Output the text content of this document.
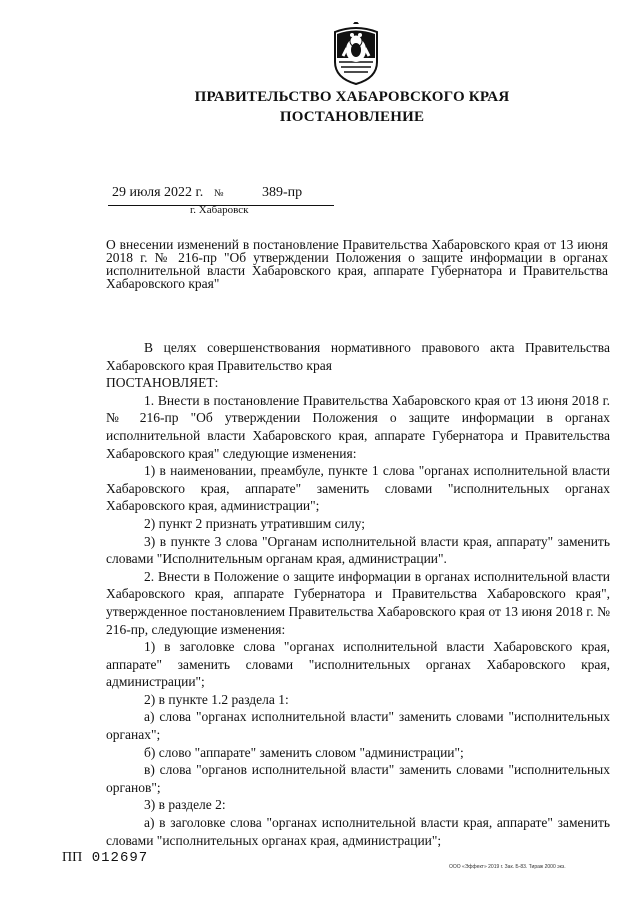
ПРАВИТЕЛЬСТВО ХАБАРОВСКОГО КРАЯ
ПОСТАНОВЛЕНИЕ
29 июля 2022 г. №	389-пр
г. Хабаровск
О внесении изменений в постановление Правительства Хабаровского края от 13 июня 2018 г. № 216-пр "Об утверждении Положения о защите информации в органах исполнительной власти Хабаровского края, аппарате Губернатора и Правительства Хабаровского края"

В целях совершенствования нормативного правового акта Правительства Хабаровского края Правительство края

ПОСТАНОВЛЯЕТ:

1. Внести в постановление Правительства Хабаровского края от 13 июня 2018 г. № 216-пр "Об утверждении Положения о защите информации в органах исполнительной власти Хабаровского края, аппарате Губернатора и Правительства Хабаровского края" следующие изменения:

1) в наименовании, преамбуле, пункте 1 слова "органах исполнительной власти Хабаровского края, аппарате" заменить словами "исполнительных органах Хабаровского края, администрации";

2) пункт 2 признать утратившим силу;

3) в пункте 3 слова "Органам исполнительной власти края, аппарату" заменить словами "Исполнительным органам края, администрации".

2. Внести в Положение о защите информации в органах исполнительной власти Хабаровского края, аппарате Губернатора и Правительства Хабаровского края", утвержденное постановлением Правительства Хабаровского края от 13 июня 2018 г. № 216-пр, следующие изменения:

1) в заголовке слова "органах исполнительной власти Хабаровского края, аппарате" заменить словами "исполнительных органах Хабаровского края, администрации";

2) в пункте 1.2 раздела 1:

а) слова "органах исполнительной власти" заменить словами "исполнительных органах";

б) слово "аппарате" заменить словом "администрации";

в) слова "органов исполнительной власти" заменить словами "исполнительных органов";

3) в разделе 2:

а) в заголовке слова "органах исполнительной власти края, аппарате" заменить словами "исполнительных органах края, администрации";

ПП 012697
ООО «Эффект» 2019 г. Зак. Б-83. Тираж 2000 экз.
